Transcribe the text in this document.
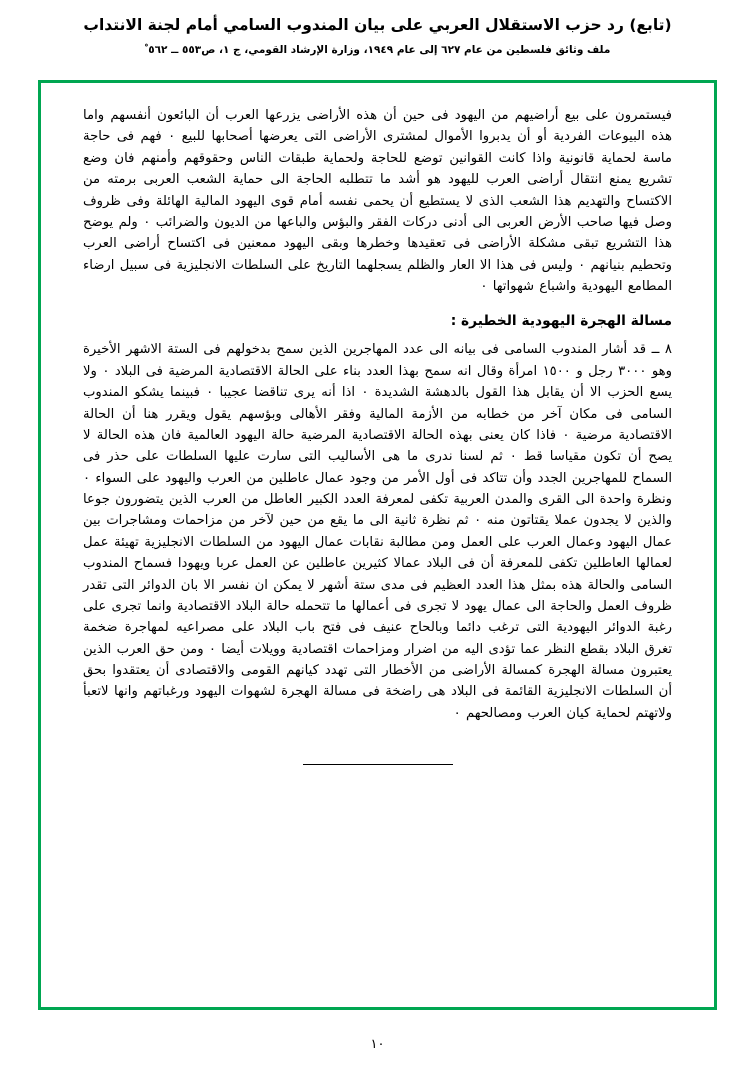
(تابع) رد حزب الاستقلال العربي على بيان المندوب السامي أمام لجنة الانتداب
ملف وثائق فلسطين من عام ٦٢٧ إلى عام ١٩٤٩، وزارة الإرشاد القومي، ج ١، ص٥٥٣ ــ ٥٦٢ ْ

فيستمرون على بيع أراضيهم من اليهود فى حين أن هذه الأراضى يزرعها العرب أن البائعون أنفسهم واما هذه البيوعات الفردية أو أن يدبروا الأموال لمشترى الأراضى التى يعرضها أصحابها للبيع ٠ فهم فى حاجة ماسة لحماية قانونية واذا كانت القوانين توضع للحاجة ولحماية طبقات الناس وحقوقهم وأمنهم فان وضع تشريع يمنع انتقال أراضى العرب لليهود هو أشد ما تتطلبه الحاجة الى حماية الشعب العربى برمته من الاكتساح والتهديم هذا الشعب الذى لا يستطيع أن يحمى نفسه أمام قوى اليهود المالية الهائلة وفى ظروف وصل فيها صاحب الأرض العربى الى أدنى دركات الفقر والبؤس والباعها من الديون والضرائب ٠ ولم يوضح هذا التشريع تبقى مشكلة الأراضى فى تعقيدها وخطرها وبقى اليهود ممعنين فى اكتساح أراضى العرب وتحطيم بنيانهم ٠ وليس فى هذا الا العار والظلم يسجلهما التاريخ على السلطات الانجليزية فى سبيل ارضاء المطامع اليهودية واشباع شهواتها ٠

مسالة الهجرة اليهودية الخطيرة :

٨ ــ قد أشار المندوب السامى فى بيانه الى عدد المهاجرين الذين سمح بدخولهم فى الستة الاشهر الأخيرة وهو ٣٠٠٠ رجل و ١٥٠٠ امرأة وقال انه سمح بهذا العدد بناء على الحالة الاقتصادية المرضية فى البلاد ٠ ولا يسع الحزب الا أن يقابل هذا القول بالدهشة الشديدة ٠ اذا أنه يرى تناقضا عجيبا ٠ فبينما يشكو المندوب السامى فى مكان آخر من خطابه من الأزمة المالية وفقر الأهالى وبؤسهم يقول ويقرر هنا أن الحالة الاقتصادية مرضية ٠ فاذا كان يعنى بهذه الحالة الاقتصادية المرضية حالة اليهود العالمية فان هذه الحالة لا يصح أن تكون مقياسا قط ٠ ثم لسنا ندرى ما هى الأساليب التى سارت عليها السلطات على حذر فى السماح للمهاجرين الجدد وأن تتاكد فى أول الأمر من وجود عمال عاطلين من العرب واليهود على السواء ٠ ونظرة واحدة الى القرى والمدن العربية تكفى لمعرفة العدد الكبير العاطل من العرب الذين يتضورون جوعا والذين لا يجدون عملا يقتاتون منه ٠ ثم نظرة ثانية الى ما يقع من حين لآخر من مزاحمات ومشاجرات بين عمال اليهود وعمال العرب على العمل ومن مطالبة نقابات عمال اليهود من السلطات الانجليزية تهيئة عمل لعمالها العاطلين تكفى للمعرفة أن فى البلاد عمالا كثيرين عاطلين عن العمل عربا ويهودا فسماح المندوب السامى والحالة هذه بمثل هذا العدد العظيم فى مدى ستة أشهر لا يمكن ان نفسر الا بان الدوائر التى تقدر ظروف العمل والحاجة الى عمال يهود لا تجرى فى أعمالها ما تتحمله حالة البلاد الاقتصادية وانما تجرى على رغبة الدوائر اليهودية التى ترغب دائما وبالحاح عنيف فى فتح باب البلاد على مصراعيه لمهاجرة ضخمة تغرق البلاد بقطع النظر عما تؤدى اليه من اضرار ومزاحمات اقتصادية وويلات أيضا ٠ ومن حق العرب الذين يعتبرون مسالة الهجرة كمسالة الأراضى من الأخطار التى تهدد كيانهم القومى والاقتصادى أن يعتقدوا بحق أن السلطات الانجليزية القائمة فى البلاد هى راضخة فى مسالة الهجرة لشهوات اليهود ورغباتهم وانها لاتعبأ ولاتهتم لحماية كيان العرب ومصالحهم ٠

١٠
